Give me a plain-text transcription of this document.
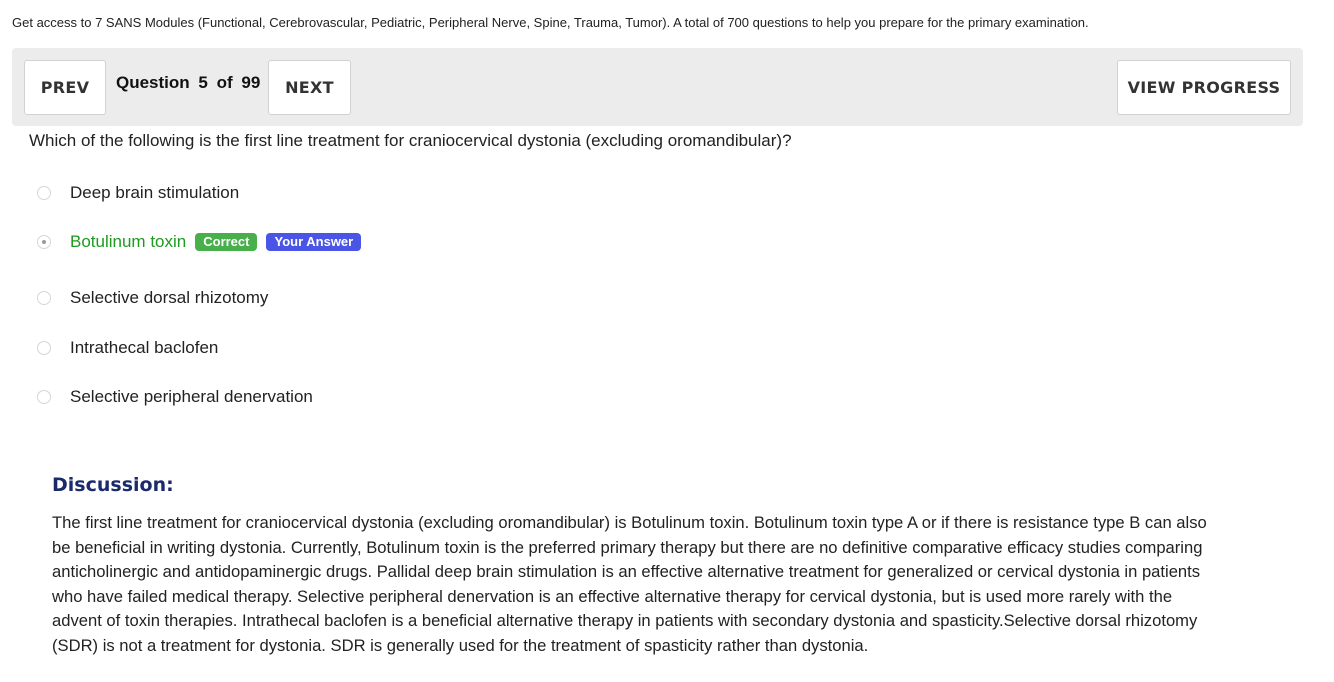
Get access to 7 SANS Modules (Functional, Cerebrovascular, Pediatric, Peripheral Nerve, Spine, Trauma, Tumor). A total of 700 questions to help you prepare for the primary examination.
PREV	Question 5 of 99	NEXT	VIEW PROGRESS
Which of the following is the first line treatment for craniocervical dystonia (excluding oromandibular)?
Deep brain stimulation
Botulinum toxin	Correct	Your Answer
Selective dorsal rhizotomy
Intrathecal baclofen
Selective peripheral denervation
Discussion:
The first line treatment for craniocervical dystonia (excluding oromandibular) is Botulinum toxin. Botulinum toxin type A or if there is resistance type B can also be beneficial in writing dystonia. Currently, Botulinum toxin is the preferred primary therapy but there are no definitive comparative efficacy studies comparing anticholinergic and antidopaminergic drugs. Pallidal deep brain stimulation is an effective alternative treatment for generalized or cervical dystonia in patients who have failed medical therapy. Selective peripheral denervation is an effective alternative therapy for cervical dystonia, but is used more rarely with the advent of toxin therapies. Intrathecal baclofen is a beneficial alternative therapy in patients with secondary dystonia and spasticity.Selective dorsal rhizotomy (SDR) is not a treatment for dystonia. SDR is generally used for the treatment of spasticity rather than dystonia.
